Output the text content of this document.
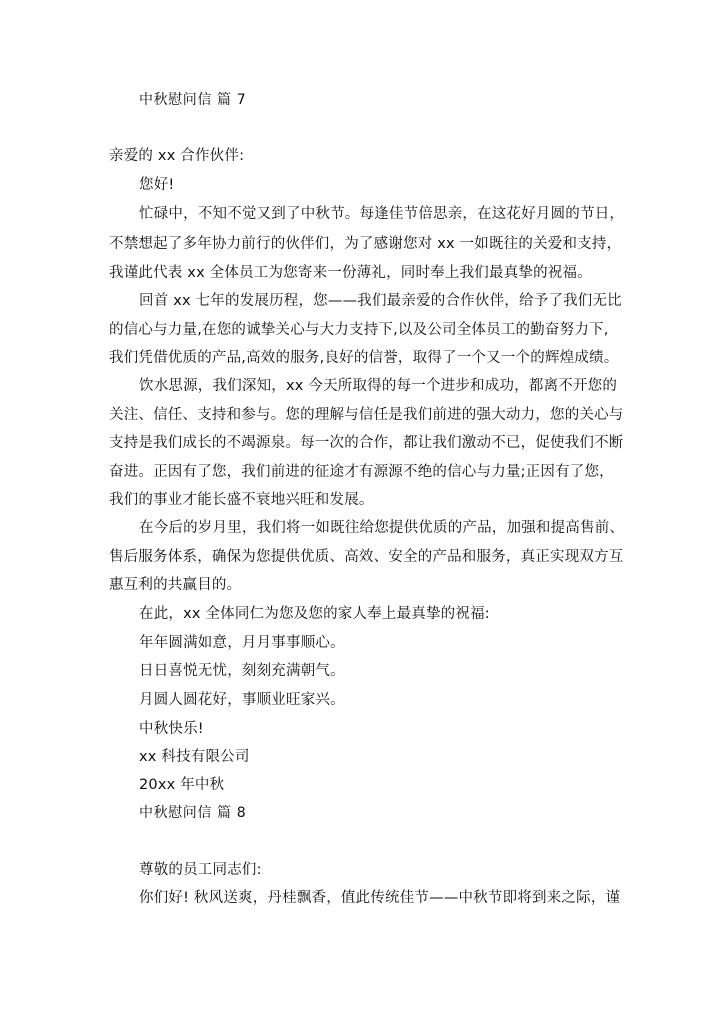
中秋慰问信 篇 7
亲爱的 xx 合作伙伴:
您好!
忙碌中，不知不觉又到了中秋节。每逢佳节倍思亲，在这花好月圆的节日，
不禁想起了多年协力前行的伙伴们，为了感谢您对 xx 一如既往的关爱和支持，
我谨此代表 xx 全体员工为您寄来一份薄礼，同时奉上我们最真挚的祝福。
回首 xx 七年的发展历程，您——我们最亲爱的合作伙伴，给予了我们无比
的信心与力量,在您的诚挚关心与大力支持下,以及公司全体员工的勤奋努力下,
我们凭借优质的产品,高效的服务,良好的信誉，取得了一个又一个的辉煌成绩。
饮水思源，我们深知，xx 今天所取得的每一个进步和成功，都离不开您的
关注、信任、支持和参与。您的理解与信任是我们前进的强大动力，您的关心与
支持是我们成长的不竭源泉。每一次的合作，都让我们激动不已，促使我们不断
奋进。正因有了您，我们前进的征途才有源源不绝的信心与力量;正因有了您，
我们的事业才能长盛不衰地兴旺和发展。
在今后的岁月里，我们将一如既往给您提供优质的产品，加强和提高售前、
售后服务体系，确保为您提供优质、高效、安全的产品和服务，真正实现双方互
惠互利的共赢目的。
在此，xx 全体同仁为您及您的家人奉上最真挚的祝福:
年年圆满如意，月月事事顺心。
日日喜悦无忧，刻刻充满朝气。
月圆人圆花好，事顺业旺家兴。
中秋快乐!
xx 科技有限公司
20xx 年中秋
中秋慰问信 篇 8
尊敬的员工同志们:
你们好! 秋风送爽，丹桂飘香，值此传统佳节——中秋节即将到来之际，谨
